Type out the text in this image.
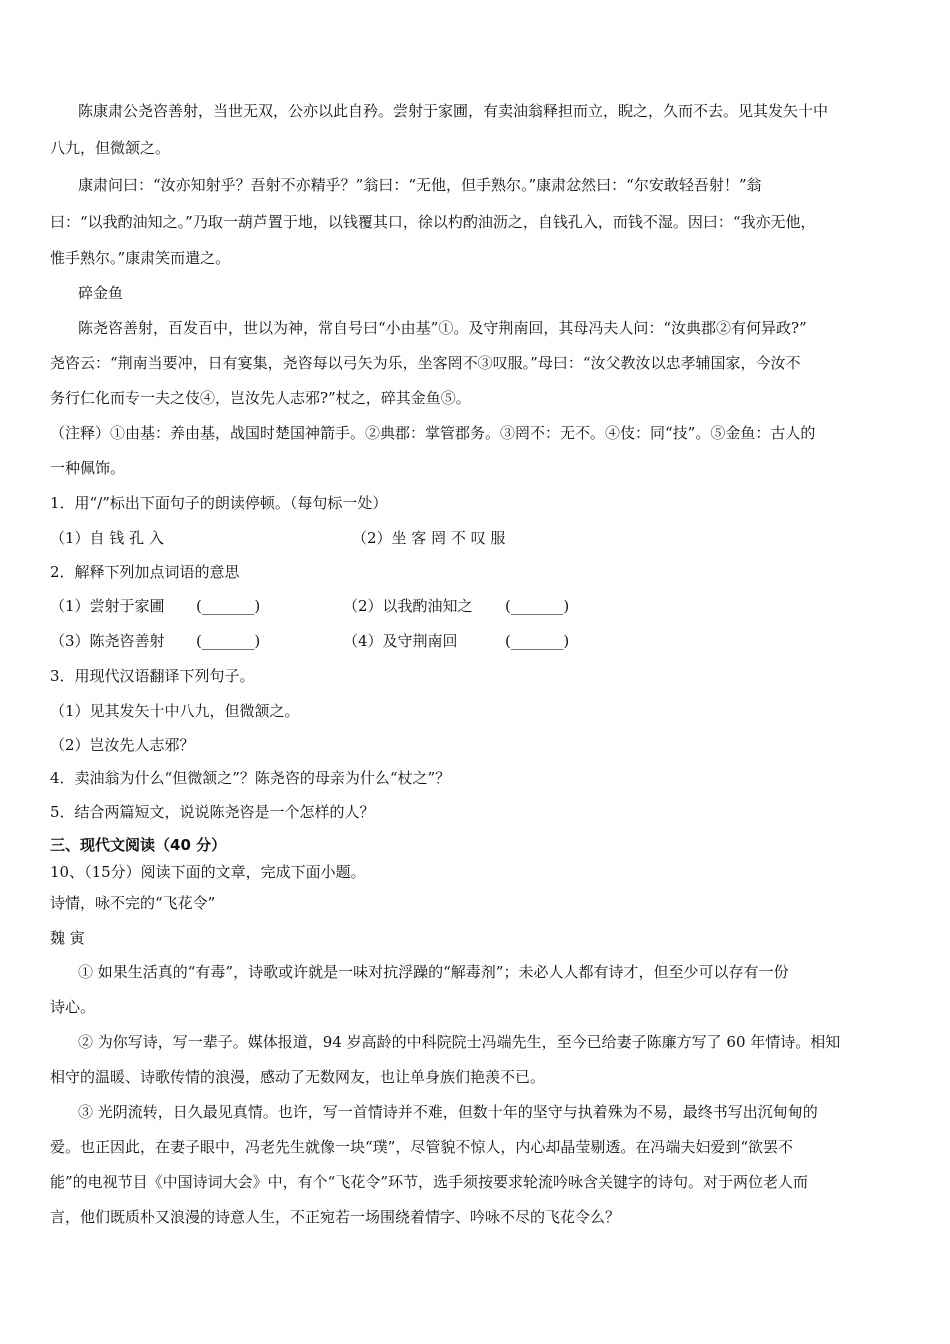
陈康肃公尧咨善射，当世无双，公亦以此自矜。尝射于家圃，有卖油翁释担而立，睨之，久而不去。见其发矢十中
八九，但微颔之。
康肃问曰：“汝亦知射乎？吾射不亦精乎？”翁曰：“无他，但手熟尔。”康肃忿然曰：“尔安敢轻吾射！”翁
曰：“以我酌油知之。”乃取一葫芦置于地，以钱覆其口，徐以杓酌油沥之，自钱孔入，而钱不湿。因曰：“我亦无他，
惟手熟尔。”康肃笑而遣之。
碎金鱼
陈尧咨善射，百发百中，世以为神，常自号曰“小由基”①。及守荆南回，其母冯夫人问：“汝典郡②有何异政?”
尧咨云：“荆南当要冲，日有宴集，尧咨每以弓矢为乐，坐客罔不③叹服。”母曰：“汝父教汝以忠孝辅国家，今汝不
务行仁化而专一夫之伎④，岂汝先人志邪?”杖之，碎其金鱼⑤。
（注释）①由基：养由基，战国时楚国神箭手。②典郡：掌管郡务。③罔不：无不。④伎：同“技”。⑤金鱼：古人的
一种佩饰。
1．用“/”标出下面句子的朗读停顿。（每句标一处）
（1）自 钱 孔 入	（2）坐 客 罔 不 叹 服
2．解释下列加点词语的意思
（1）尝射于家圃 (_______)	（2）以我酌油知之 (_______)
（3）陈尧咨善射 (_______)	（4）及守荆南回	(_______)
3．用现代汉语翻译下列句子。
（1）见其发矢十中八九，但微颔之。
（2）岂汝先人志邪？
4．卖油翁为什么“但微颔之”？陈尧咨的母亲为什么“杖之”？
5．结合两篇短文，说说陈尧咨是一个怎样的人？
三、现代文阅读（40 分）
10、（15分）阅读下面的文章，完成下面小题。
诗情，咏不完的“飞花令”
魏 寅
① 如果生活真的“有毒”，诗歌或许就是一味对抗浮躁的“解毒剂”；未必人人都有诗才，但至少可以存有一份
诗心。
② 为你写诗，写一辈子。媒体报道，94 岁高龄的中科院院士冯端先生，至今已给妻子陈廉方写了 60 年情诗。相知
相守的温暖、诗歌传情的浪漫，感动了无数网友，也让单身族们艳羡不已。
③ 光阴流转，日久最见真情。也许，写一首情诗并不难，但数十年的坚守与执着殊为不易，最终书写出沉甸甸的
爱。也正因此，在妻子眼中，冯老先生就像一块“璞”，尽管貌不惊人，内心却晶莹剔透。在冯端夫妇爱到“欲罢不
能”的电视节目《中国诗词大会》中，有个“飞花令”环节，选手须按要求轮流吟咏含关键字的诗句。对于两位老人而
言，他们既质朴又浪漫的诗意人生，不正宛若一场围绕着情字、吟咏不尽的飞花令么？
